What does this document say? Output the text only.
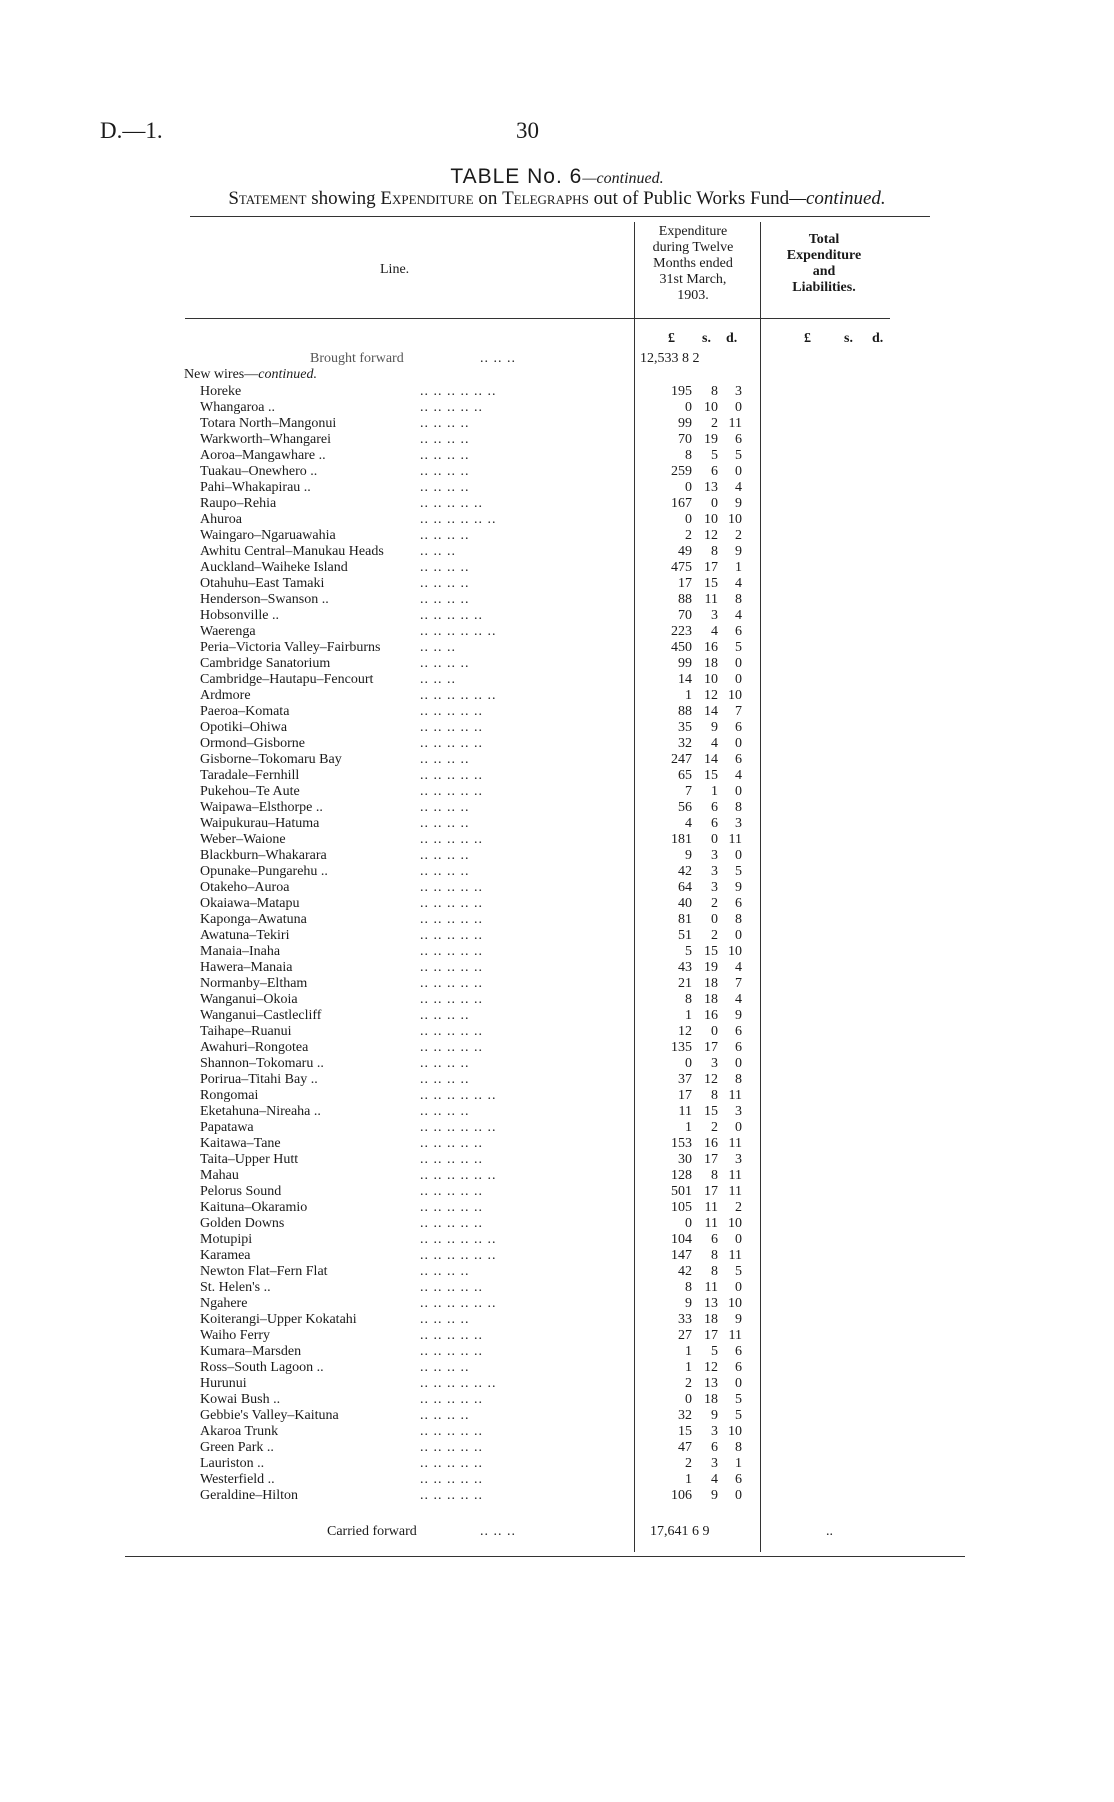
D.—1.	30
TABLE No. 6—continued.
Statement showing Expenditure on Telegraphs out of Public Works Fund—continued.
Line.
Expenditure
during Twelve
Months ended
31st March,
1903.
Total
Expenditure
and
Liabilities.
£ s. d.	£ s. d.
Brought forward	.. .. ..	12,533 8 2
New wires—continued.
Horeke	.. .. .. .. .. ..	195	8	3
Whangaroa ..	.. .. .. .. ..	0 10	0
Totara North–Mangonui	.. .. .. ..	99	2 11
Warkworth–Whangarei	.. .. .. ..	70 19	6
Aoroa–Mangawhare ..	.. .. .. ..	8	5	5
Tuakau–Onewhero ..	.. .. .. ..	259	6	0
Pahi–Whakapirau ..	.. .. .. ..	0 13	4
Raupo–Rehia	.. .. .. .. ..	167	0	9
Ahuroa	.. .. .. .. .. ..	0 10 10
Waingaro–Ngaruawahia	.. .. .. ..	2 12	2
Awhitu Central–Manukau Heads	.. .. ..	49	8	9
Auckland–Waiheke Island	.. .. .. ..	475 17	1
Otahuhu–East Tamaki	.. .. .. ..	17 15	4
Henderson–Swanson ..	.. .. .. ..	88 11	8
Hobsonville ..	.. .. .. .. ..	70	3	4
Waerenga	.. .. .. .. .. ..	223	4	6
Peria–Victoria Valley–Fairburns	.. .. ..	450 16	5
Cambridge Sanatorium	.. .. .. ..	99 18	0
Cambridge–Hautapu–Fencourt	.. .. ..	14 10	0
Ardmore	.. .. .. .. .. ..	1 12 10
Paeroa–Komata	.. .. .. .. ..	88 14	7
Opotiki–Ohiwa	.. .. .. .. ..	35	9	6
Ormond–Gisborne	.. .. .. .. ..	32	4	0
Gisborne–Tokomaru Bay	.. .. .. ..	247 14	6
Taradale–Fernhill	.. .. .. .. ..	65 15	4
Pukehou–Te Aute	.. .. .. .. ..	7	1	0
Waipawa–Elsthorpe ..	.. .. .. ..	56	6	8
Waipukurau–Hatuma	.. .. .. ..	4	6	3
Weber–Waione	.. .. .. .. ..	181	0 11
Blackburn–Whakarara	.. .. .. ..	9	3	0
Opunake–Pungarehu ..	.. .. .. ..	42	3	5
Otakeho–Auroa	.. .. .. .. ..	64	3	9
Okaiawa–Matapu	.. .. .. .. ..	40	2	6
Kaponga–Awatuna	.. .. .. .. ..	81	0	8
Awatuna–Tekiri	.. .. .. .. ..	51	2	0
Manaia–Inaha	.. .. .. .. ..	5 15 10
Hawera–Manaia	.. .. .. .. ..	43 19	4
Normanby–Eltham	.. .. .. .. ..	21 18	7
Wanganui–Okoia	.. .. .. .. ..	8 18	4
Wanganui–Castlecliff	.. .. .. ..	1 16	9
Taihape–Ruanui	.. .. .. .. ..	12	0	6
Awahuri–Rongotea	.. .. .. .. ..	135 17	6
Shannon–Tokomaru ..	.. .. .. ..	0	3	0
Porirua–Titahi Bay ..	.. .. .. ..	37 12	8
Rongomai	.. .. .. .. .. ..	17	8 11
Eketahuna–Nireaha ..	.. .. .. ..	11 15	3
Papatawa	.. .. .. .. .. ..	1	2	0
Kaitawa–Tane	.. .. .. .. ..	153 16 11
Taita–Upper Hutt	.. .. .. .. ..	30 17	3
Mahau	.. .. .. .. .. ..	128	8 11
Pelorus Sound	.. .. .. .. ..	501 17 11
Kaituna–Okaramio	.. .. .. .. ..	105 11	2
Golden Downs	.. .. .. .. ..	0 11 10
Motupipi	.. .. .. .. .. ..	104	6	0
Karamea	.. .. .. .. .. ..	147	8 11
Newton Flat–Fern Flat	.. .. .. ..	42	8	5
St. Helen's ..	.. .. .. .. ..	8 11	0
Ngahere	.. .. .. .. .. ..	9 13 10
Koiterangi–Upper Kokatahi	.. .. .. ..	33 18	9
Waiho Ferry	.. .. .. .. ..	27 17 11
Kumara–Marsden	.. .. .. .. ..	1	5	6
Ross–South Lagoon ..	.. .. .. ..	1 12	6
Hurunui	.. .. .. .. .. ..	2 13	0
Kowai Bush ..	.. .. .. .. ..	0 18	5
Gebbie's Valley–Kaituna	.. .. .. ..	32	9	5
Akaroa Trunk	.. .. .. .. ..	15	3 10
Green Park ..	.. .. .. .. ..	47	6	8
Lauriston ..	.. .. .. .. ..	2	3	1
Westerfield ..	.. .. .. .. ..	1	4	6
Geraldine–Hilton	.. .. .. .. ..	106	9	0
Carried forward	.. .. ..	17,641 6 9	..
